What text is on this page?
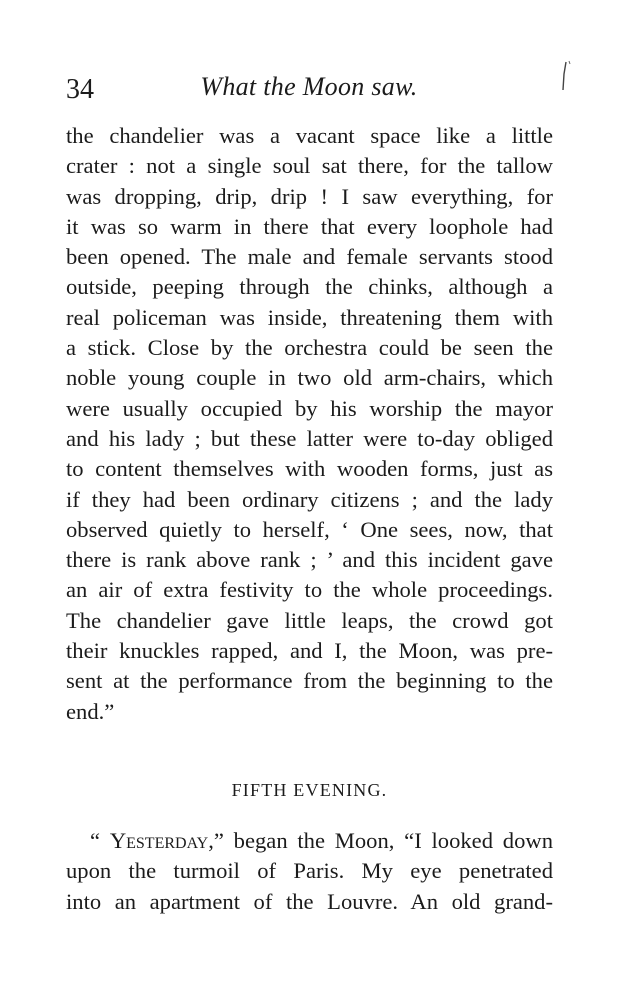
34	What the Moon saw.
the chandelier was a vacant space like a little
crater : not a single soul sat there, for the tallow
was dropping, drip, drip ! I saw everything, for
it was so warm in there that every loophole had
been opened. The male and female servants stood
outside, peeping through the chinks, although a
real policeman was inside, threatening them with
a stick. Close by the orchestra could be seen the
noble young couple in two old arm-chairs, which
were usually occupied by his worship the mayor
and his lady ; but these latter were to-day obliged
to content themselves with wooden forms, just as
if they had been ordinary citizens ; and the lady
observed quietly to herself, ‘ One sees, now, that
there is rank above rank ; ’ and this incident gave
an air of extra festivity to the whole proceedings.
The chandelier gave little leaps, the crowd got
their knuckles rapped, and I, the Moon, was pre-
sent at the performance from the beginning to the
end.”
FIFTH EVENING.
“ Yesterday,” began the Moon, “I looked down
upon the turmoil of Paris. My eye penetrated
into an apartment of the Louvre. An old grand-
